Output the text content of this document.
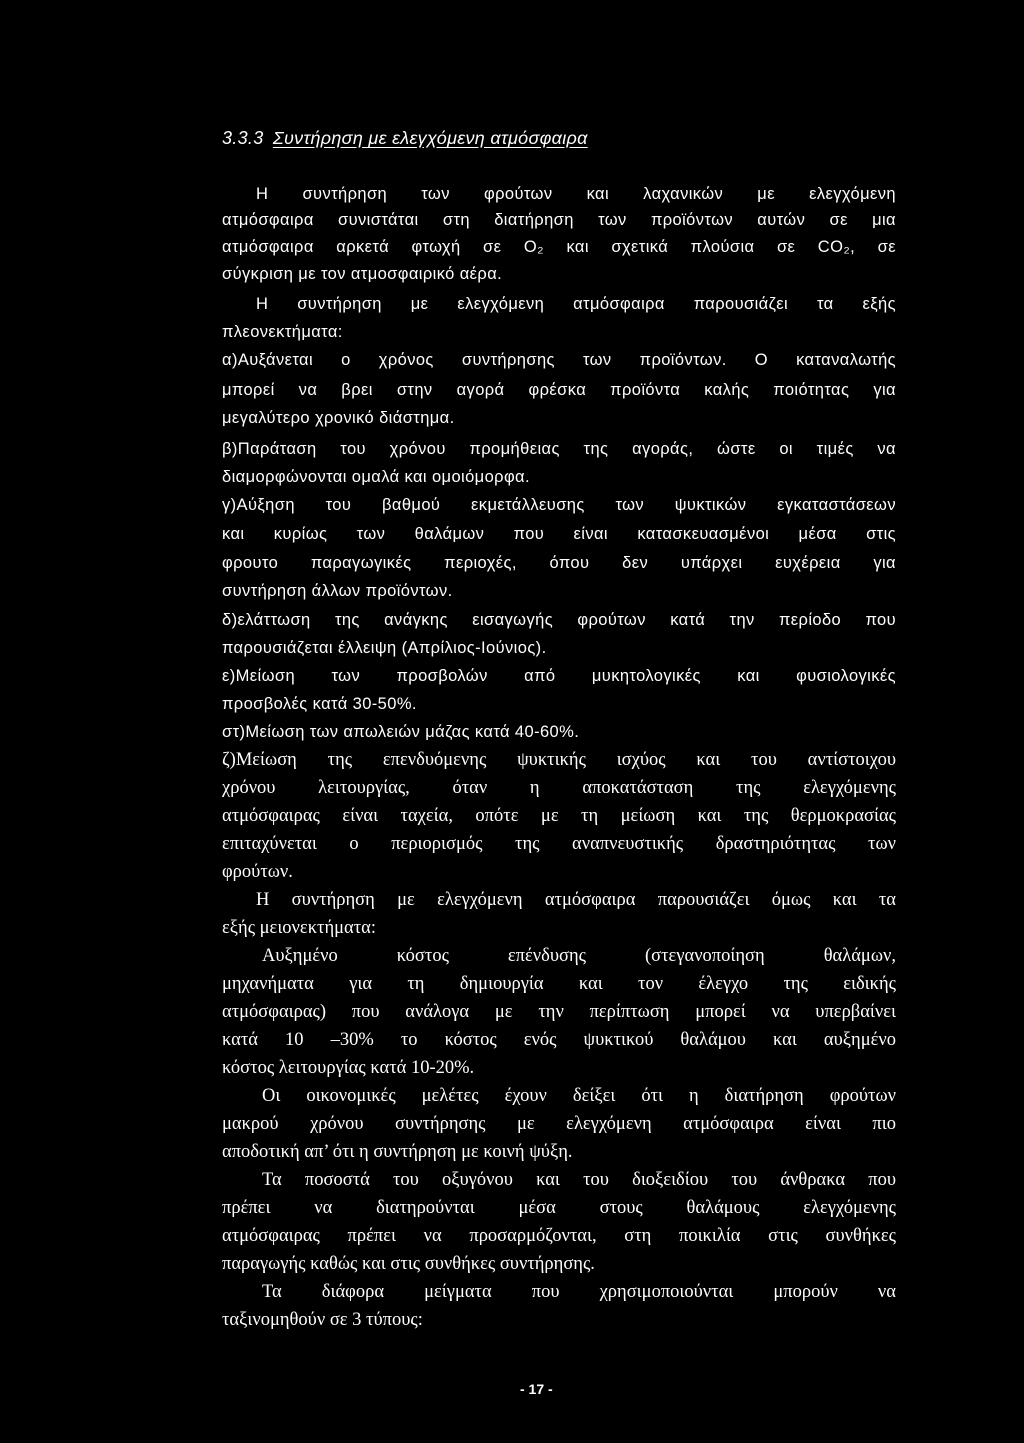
3.3.3 Συντήρηση με ελεγχόμενη ατμόσφαιρα
Η συντήρηση των φρούτων και λαχανικών με ελεγχόμενη
ατμόσφαιρα συνιστάται στη διατήρηση των προϊόντων αυτών σε μια
ατμόσφαιρα αρκετά φτωχή σε O₂ και σχετικά πλούσια σε CO₂, σε
σύγκριση με τον ατμοσφαιρικό αέρα.
Η συντήρηση με ελεγχόμενη ατμόσφαιρα παρουσιάζει τα εξής
πλεονεκτήματα:
α)Αυξάνεται ο χρόνος συντήρησης των προϊόντων. Ο καταναλωτής
μπορεί να βρει στην αγορά φρέσκα προϊόντα καλής ποιότητας για
μεγαλύτερο χρονικό διάστημα.
β)Παράταση του χρόνου προμήθειας της αγοράς, ώστε οι τιμές να
διαμορφώνονται ομαλά και ομοιόμορφα.
γ)Αύξηση του βαθμού εκμετάλλευσης των ψυκτικών εγκαταστάσεων
και κυρίως των θαλάμων που είναι κατασκευασμένοι μέσα στις
φρουτο παραγωγικές περιοχές, όπου δεν υπάρχει ευχέρεια για
συντήρηση άλλων προϊόντων.
δ)ελάττωση της ανάγκης εισαγωγής φρούτων κατά την περίοδο που
παρουσιάζεται έλλειψη (Απρίλιος-Ιούνιος).
ε)Μείωση των προσβολών από μυκητολογικές και φυσιολογικές
προσβολές κατά 30-50%.
στ)Μείωση των απωλειών μάζας κατά 40-60%.
ζ)Μείωση της επενδυόμενης ψυκτικής ισχύος και του αντίστοιχου
χρόνου λειτουργίας, όταν η αποκατάσταση της ελεγχόμενης
ατμόσφαιρας είναι ταχεία, οπότε με τη μείωση και της θερμοκρασίας
επιταχύνεται ο περιορισμός της αναπνευστικής δραστηριότητας των
φρούτων.
Η συντήρηση με ελεγχόμενη ατμόσφαιρα παρουσιάζει όμως και τα
εξής μειονεκτήματα:
Αυξημένο κόστος επένδυσης (στεγανοποίηση θαλάμων,
μηχανήματα για τη δημιουργία και τον έλεγχο της ειδικής
ατμόσφαιρας) που ανάλογα με την περίπτωση μπορεί να υπερβαίνει
κατά 10 –30% το κόστος ενός ψυκτικού θαλάμου και αυξημένο
κόστος λειτουργίας κατά 10-20%.
Οι οικονομικές μελέτες έχουν δείξει ότι η διατήρηση φρούτων
μακρού χρόνου συντήρησης με ελεγχόμενη ατμόσφαιρα είναι πιο
αποδοτική απ’ ότι η συντήρηση με κοινή ψύξη.
Τα ποσοστά του οξυγόνου και του διοξειδίου του άνθρακα που
πρέπει να διατηρούνται μέσα στους θαλάμους ελεγχόμενης
ατμόσφαιρας πρέπει να προσαρμόζονται, στη ποικιλία στις συνθήκες
παραγωγής καθώς και στις συνθήκες συντήρησης.
Τα διάφορα μείγματα που χρησιμοποιούνται μπορούν να
ταξινομηθούν σε 3 τύπους:
- 17 -
